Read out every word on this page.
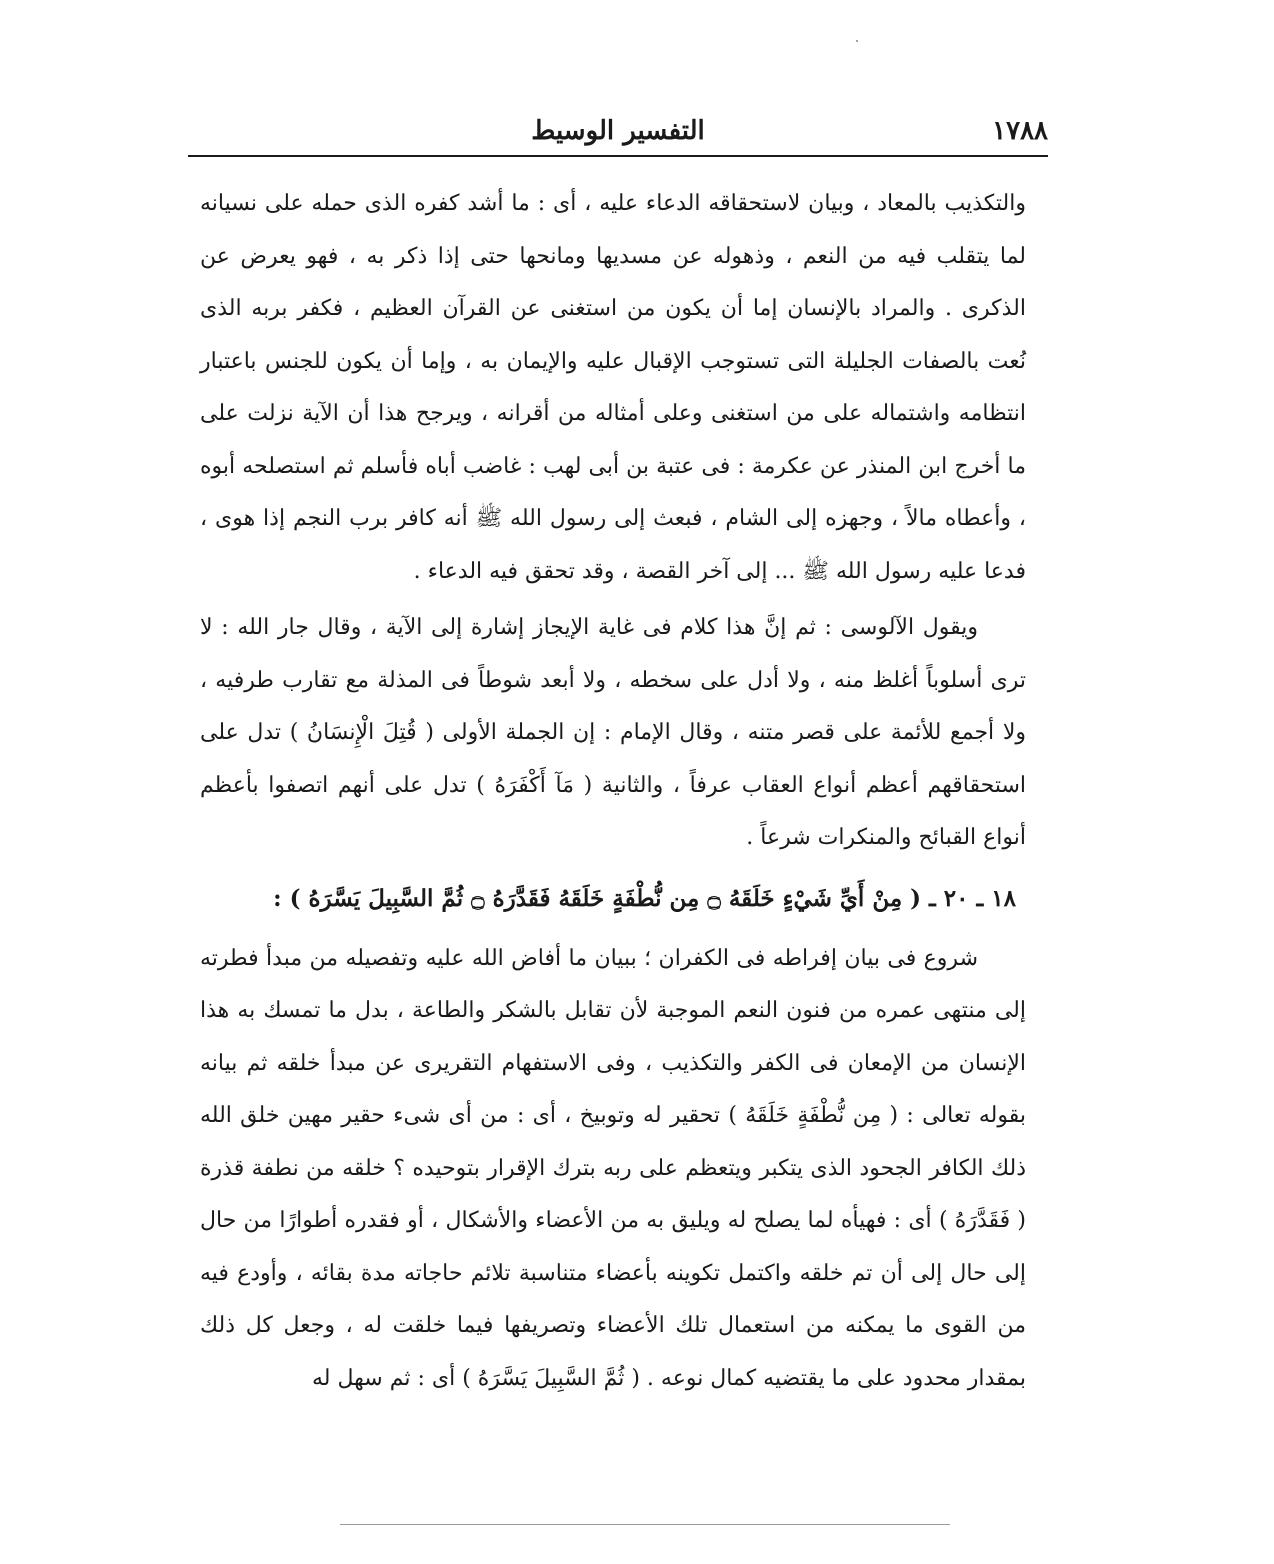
١٧٨٨
التفسير الوسيط

والتكذيب بالمعاد ، وبيان لاستحقاقه الدعاء عليه ، أى : ما أشد كفره الذى حمله على نسيانه لما يتقلب فيه من النعم ، وذهوله عن مسديها ومانحها حتى إذا ذكر به ، فهو يعرض عن الذكرى . والمراد بالإنسان إما أن يكون من استغنى عن القرآن العظيم ، فكفر بربه الذى نُعت بالصفات الجليلة التى تستوجب الإقبال عليه والإيمان به ، وإما أن يكون للجنس باعتبار انتظامه واشتماله على من استغنى وعلى أمثاله من أقرانه ، ويرجح هذا أن الآية نزلت على ما أخرج ابن المنذر عن عكرمة : فى عتبة بن أبى لهب : غاضب أباه فأسلم ثم استصلحه أبوه ، وأعطاه مالاً ، وجهزه إلى الشام ، فبعث إلى رسول الله ﷺ أنه كافر برب النجم إذا هوى ، فدعا عليه رسول الله ﷺ ... إلى آخر القصة ، وقد تحقق فيه الدعاء .

ويقول الآلوسى : ثم إنَّ هذا كلام فى غاية الإيجاز إشارة إلى الآية ، وقال جار الله : لا ترى أسلوباً أغلظ منه ، ولا أدل على سخطه ، ولا أبعد شوطاً فى المذلة مع تقارب طرفيه ، ولا أجمع للأئمة على قصر متنه ، وقال الإمام : إن الجملة الأولى ( قُتِلَ الْإِنسَانُ ) تدل على استحقاقهم أعظم أنواع العقاب عرفاً ، والثانية ( مَآ أَكْفَرَهُ ) تدل على أنهم اتصفوا بأعظم أنواع القبائح والمنكرات شرعاً .

١٨ ـ ٢٠ ـ ( مِنْ أَيِّ شَيْءٍ خَلَقَهُ ۝ مِن نُّطْفَةٍ خَلَقَهُ فَقَدَّرَهُ ۝ ثُمَّ السَّبِيلَ يَسَّرَهُ ) :

شروع فى بيان إفراطه فى الكفران ؛ ببيان ما أفاض الله عليه وتفصيله من مبدأ فطرته إلى منتهى عمره من فنون النعم الموجبة لأن تقابل بالشكر والطاعة ، بدل ما تمسك به هذا الإنسان من الإمعان فى الكفر والتكذيب ، وفى الاستفهام التقريرى عن مبدأ خلقه ثم بيانه بقوله تعالى : ( مِن نُّطْفَةٍ خَلَقَهُ ) تحقير له وتوبيخ ، أى : من أى شىء حقير مهين خلق الله ذلك الكافر الجحود الذى يتكبر ويتعظم على ربه بترك الإقرار بتوحيده ؟ خلقه من نطفة قذرة ( فَقَدَّرَهُ ) أى : فهيأه لما يصلح له ويليق به من الأعضاء والأشكال ، أو فقدره أطوارًا من حال إلى حال إلى أن تم خلقه واكتمل تكوينه بأعضاء متناسبة تلائم حاجاته مدة بقائه ، وأودع فيه من القوى ما يمكنه من استعمال تلك الأعضاء وتصريفها فيما خلقت له ، وجعل كل ذلك بمقدار محدود على ما يقتضيه كمال نوعه . ( ثُمَّ السَّبِيلَ يَسَّرَهُ ) أى : ثم سهل له
